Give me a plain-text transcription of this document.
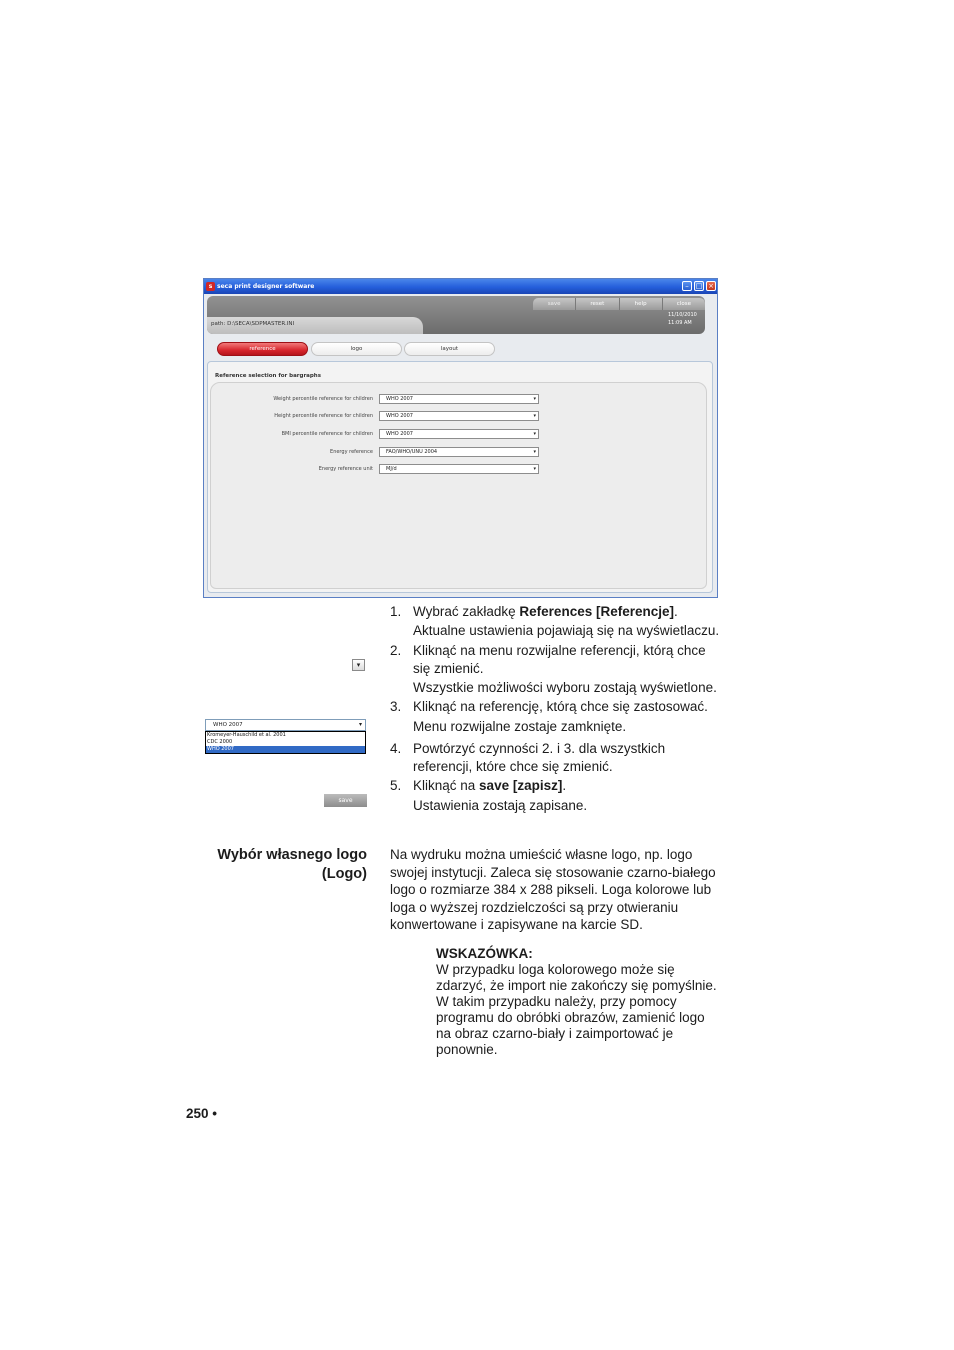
s seca print designer software	– □ ×
save	reset	help	close
path: D:\SECA\SDPMASTER.INI
11/10/2010
11:09 AM
reference	logo	layout
Reference selection for bargraphs
Weight percentile reference for children	WHO 2007	▾
Height percentile reference for children	WHO 2007	▾
BMI percentile reference for children	WHO 2007	▾
Energy reference	FAO/WHO/UNU 2004	▾
Energy reference unit	MJ/d	▾
▾
WHO 2007	▾
Kromeyer-Hauschild et al. 2001
CDC 2000
WHO 2007
save
1. Wybrać zakładkę References [Referencje].
Aktualne ustawienia pojawiają się na wyświetlaczu.
2. Kliknąć na menu rozwijalne referencji, którą chce
się zmienić.
Wszystkie możliwości wyboru zostają wyświetlone.
3. Kliknąć na referencję, którą chce się zastosować.
Menu rozwijalne zostaje zamknięte.
4. Powtórzyć czynności 2. i 3. dla wszystkich
referencji, które chce się zmienić.
5. Kliknąć na save [zapisz].
Ustawienia zostają zapisane.
Wybór własnego logo
(Logo)
Na wydruku można umieścić własne logo, np. logo
swojej instytucji. Zaleca się stosowanie czarno-białego
logo o rozmiarze 384 x 288 pikseli. Loga kolorowe lub
loga o wyższej rozdzielczości są przy otwieraniu
konwertowane i zapisywane na karcie SD.
WSKAZÓWKA:
W przypadku loga kolorowego może się
zdarzyć, że import nie zakończy się pomyślnie.
W takim przypadku należy, przy pomocy
programu do obróbki obrazów, zamienić logo
na obraz czarno-biały i zaimportować je
ponownie.
250 •
